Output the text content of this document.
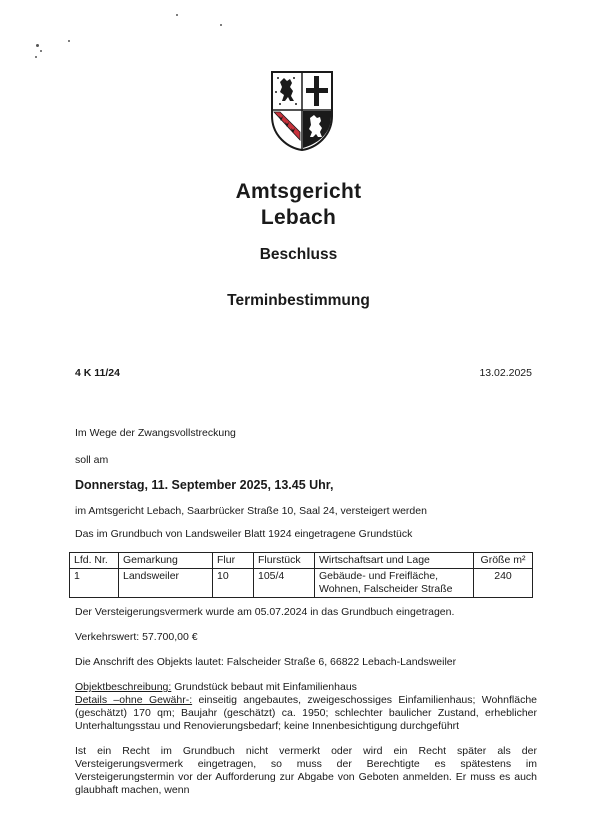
Amtsgericht
Lebach
Beschluss
Terminbestimmung
4 K 11/24	13.02.2025
Im Wege der Zwangsvollstreckung
soll am
Donnerstag, 11. September 2025, 13.45 Uhr,
im Amtsgericht Lebach, Saarbrücker Straße 10, Saal 24, versteigert werden
Das im Grundbuch von Landsweiler Blatt 1924 eingetragene Grundstück
Lfd. Nr.	Gemarkung	Flur	Flurstück	Wirtschaftsart und Lage	Größe m²
1	Landsweiler	10	105/4	Gebäude- und Freifläche, Wohnen, Falscheider Straße	240
Der Versteigerungsvermerk wurde am 05.07.2024 in das Grundbuch eingetragen.
Verkehrswert: 57.700,00 €
Die Anschrift des Objekts lautet: Falscheider Straße 6, 66822 Lebach-Landsweiler
Objektbeschreibung: Grundstück bebaut mit Einfamilienhaus
Details –ohne Gewähr-: einseitig angebautes, zweigeschossiges Einfamilienhaus; Wohnfläche (geschätzt) 170 qm; Baujahr (geschätzt) ca. 1950; schlechter baulicher Zustand, erheblicher Unterhaltungsstau und Renovierungsbedarf; keine Innenbesichtigung durchgeführt
Ist ein Recht im Grundbuch nicht vermerkt oder wird ein Recht später als der Versteigerungsvermerk eingetragen, so muss der Berechtigte es spätestens im Versteigerungstermin vor der Aufforderung zur Abgabe von Geboten anmelden. Er muss es auch glaubhaft machen, wenn
